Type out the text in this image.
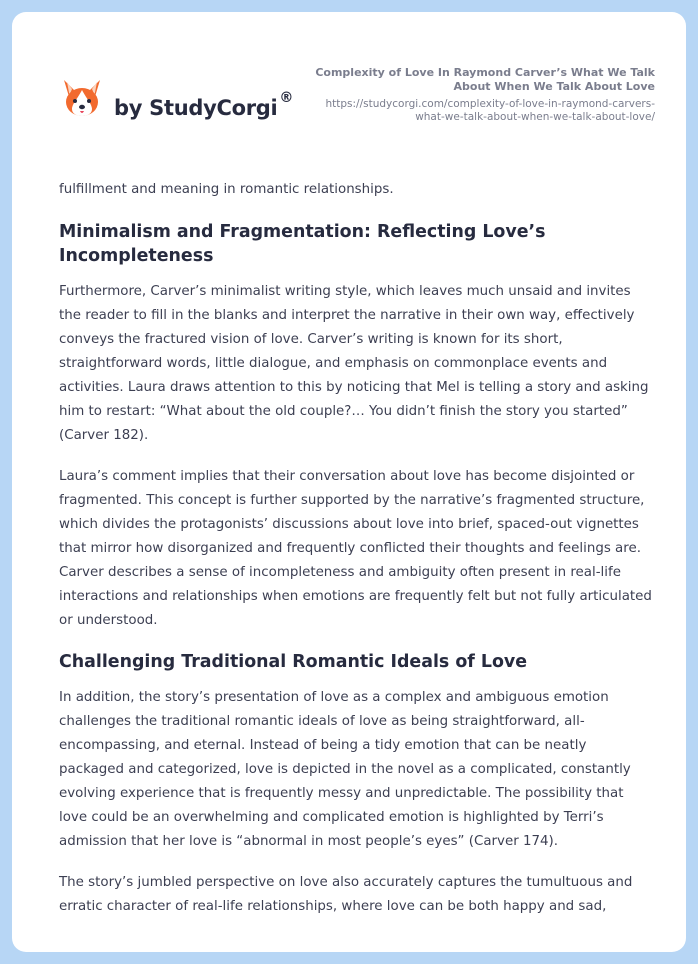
by StudyCorgi ®
Complexity of Love In Raymond Carver’s What We Talk About When We Talk About Love
https://studycorgi.com/complexity-of-love-in-raymond-carvers-what-we-talk-about-when-we-talk-about-love/

fulfillment and meaning in romantic relationships.

Minimalism and Fragmentation: Reflecting Love’s Incompleteness

Furthermore, Carver’s minimalist writing style, which leaves much unsaid and invites the reader to fill in the blanks and interpret the narrative in their own way, effectively conveys the fractured vision of love. Carver’s writing is known for its short, straightforward words, little dialogue, and emphasis on commonplace events and activities. Laura draws attention to this by noticing that Mel is telling a story and asking him to restart: “What about the old couple?… You didn’t finish the story you started” (Carver 182).

Laura’s comment implies that their conversation about love has become disjointed or fragmented. This concept is further supported by the narrative’s fragmented structure, which divides the protagonists’ discussions about love into brief, spaced-out vignettes that mirror how disorganized and frequently conflicted their thoughts and feelings are. Carver describes a sense of incompleteness and ambiguity often present in real-life interactions and relationships when emotions are frequently felt but not fully articulated or understood.

Challenging Traditional Romantic Ideals of Love

In addition, the story’s presentation of love as a complex and ambiguous emotion challenges the traditional romantic ideals of love as being straightforward, all-encompassing, and eternal. Instead of being a tidy emotion that can be neatly packaged and categorized, love is depicted in the novel as a complicated, constantly evolving experience that is frequently messy and unpredictable. The possibility that love could be an overwhelming and complicated emotion is highlighted by Terri’s admission that her love is “abnormal in most people’s eyes” (Carver 174).

The story’s jumbled perspective on love also accurately captures the tumultuous and erratic character of real-life relationships, where love can be both happy and sad,
